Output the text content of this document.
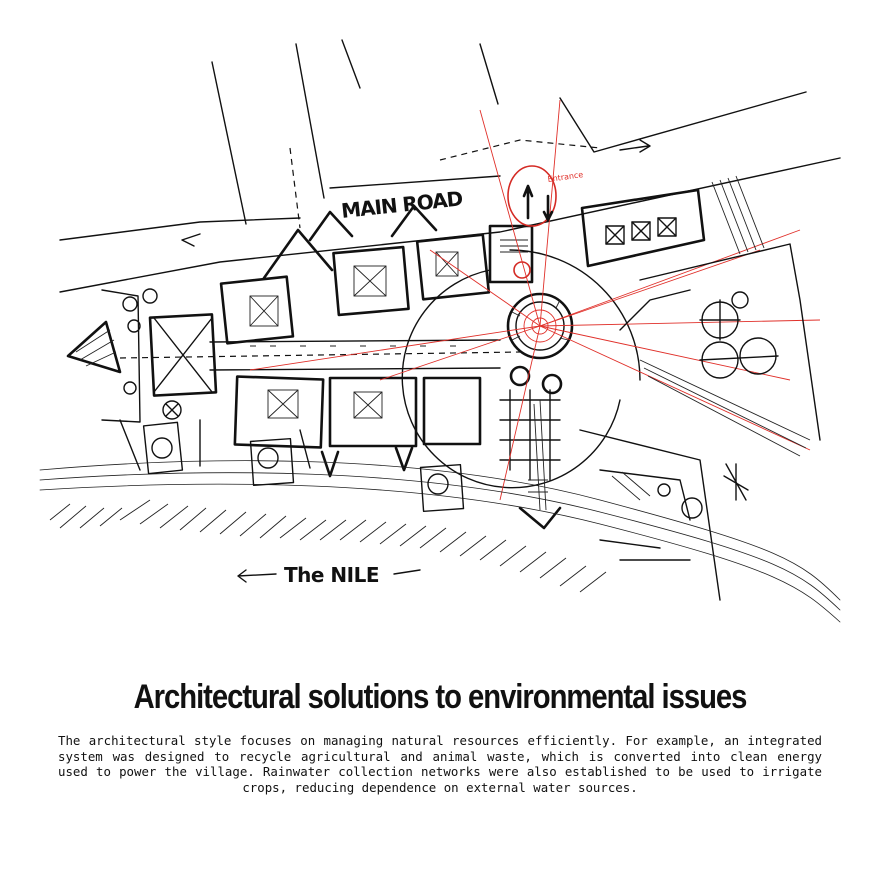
MAIN ROAD
Entrance
The NILE
Architectural solutions to environmental issues

The architectural style focuses on managing natural resources efficiently. For example, an integrated system was designed to recycle agricultural and animal waste, which is converted into clean energy used to power the village. Rainwater collection networks were also established to be used to irrigate crops, reducing dependence on external water sources.
